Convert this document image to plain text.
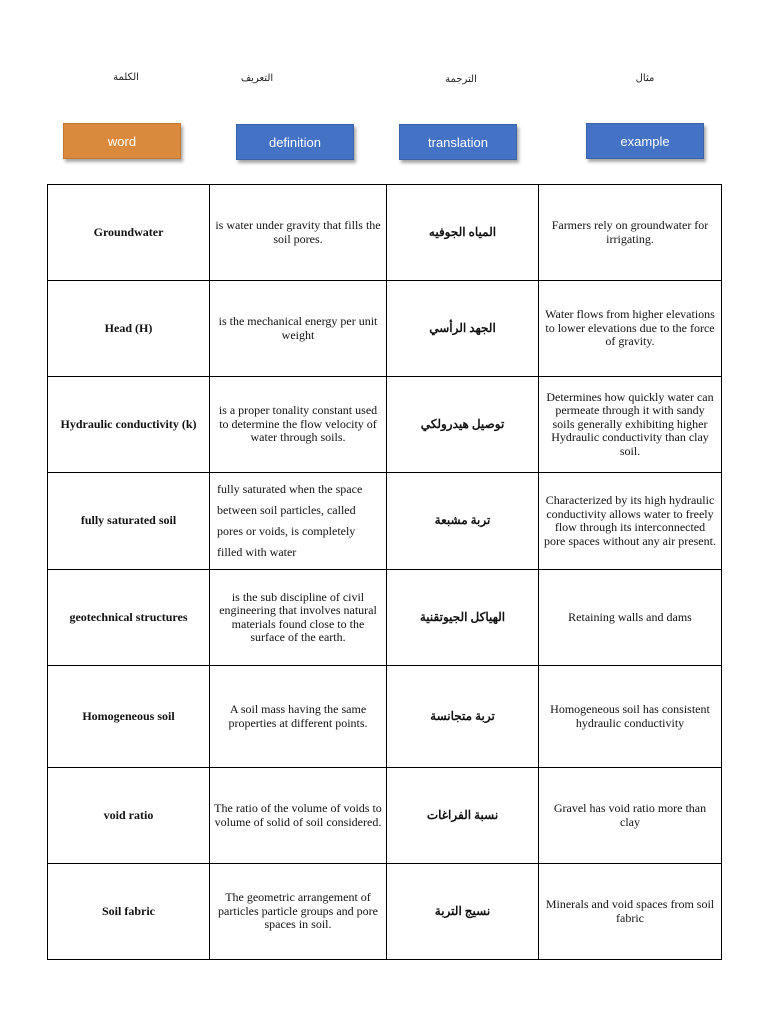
الكلمة	التعريف	الترجمة	مثال
word	definition	translation	example
Groundwater	is water under gravity that fills the soil pores.	المياه الجوفيه	Farmers rely on groundwater for irrigating.
Head (H)	is the mechanical energy per unit weight	الجهد الرأسي	Water flows from higher elevations to lower elevations due to the force of gravity.
Hydraulic conductivity (k)	is a proper tonality constant used to determine the flow velocity of water through soils.	توصيل هيدرولكي	Determines how quickly water can permeate through it with sandy soils generally exhibiting higher Hydraulic conductivity than clay soil.
fully saturated soil	fully saturated when the space between soil particles, called pores or voids, is completely filled with water	تربة مشبعة	Characterized by its high hydraulic conductivity allows water to freely flow through its interconnected pore spaces without any air present.
geotechnical structures	is the sub discipline of civil engineering that involves natural materials found close to the surface of the earth.	الهياكل الجيوتقنية	Retaining walls and dams
Homogeneous soil	A soil mass having the same properties at different points.	تربة متجانسة	Homogeneous soil has consistent hydraulic conductivity
void ratio	The ratio of the volume of voids to volume of solid of soil considered.	نسبة الفراغات	Gravel has void ratio more than clay
Soil fabric	The geometric arrangement of particles particle groups and pore spaces in soil.	نسيج التربة	Minerals and void spaces from soil fabric
